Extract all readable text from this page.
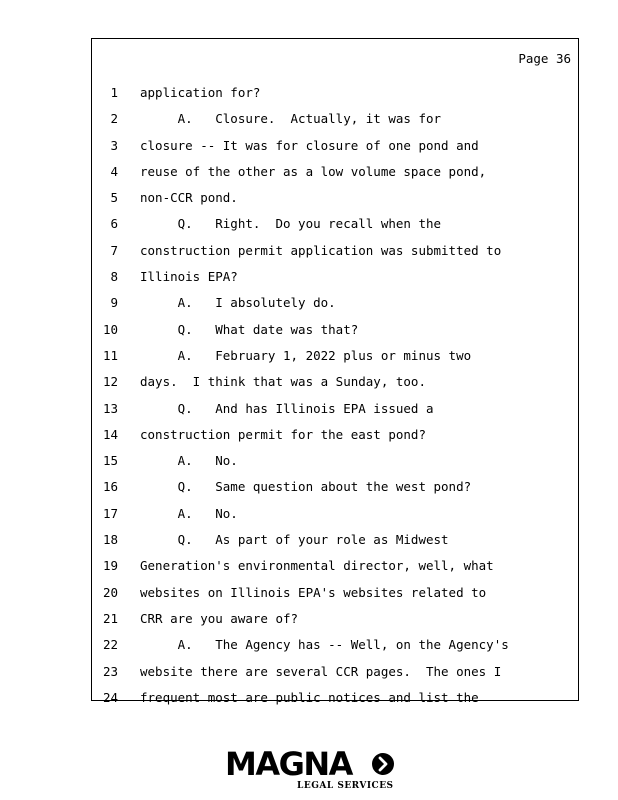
Page 36
1 application for?
2 A.   Closure.  Actually, it was for
3 closure -- It was for closure of one pond and
4 reuse of the other as a low volume space pond,
5 non-CCR pond.
6 Q.   Right.  Do you recall when the
7 construction permit application was submitted to
8 Illinois EPA?
9 A.   I absolutely do.
10 Q.   What date was that?
11 A.   February 1, 2022 plus or minus two
12 days.  I think that was a Sunday, too.
13 Q.   And has Illinois EPA issued a
14 construction permit for the east pond?
15 A.   No.
16 Q.   Same question about the west pond?
17 A.   No.
18 Q.   As part of your role as Midwest
19 Generation's environmental director, well, what
20 websites on Illinois EPA's websites related to
21 CRR are you aware of?
22 A.   The Agency has -- Well, on the Agency's
23 website there are several CCR pages.  The ones I
24 frequent most are public notices and list the
MAGNA
LEGAL SERVICES
